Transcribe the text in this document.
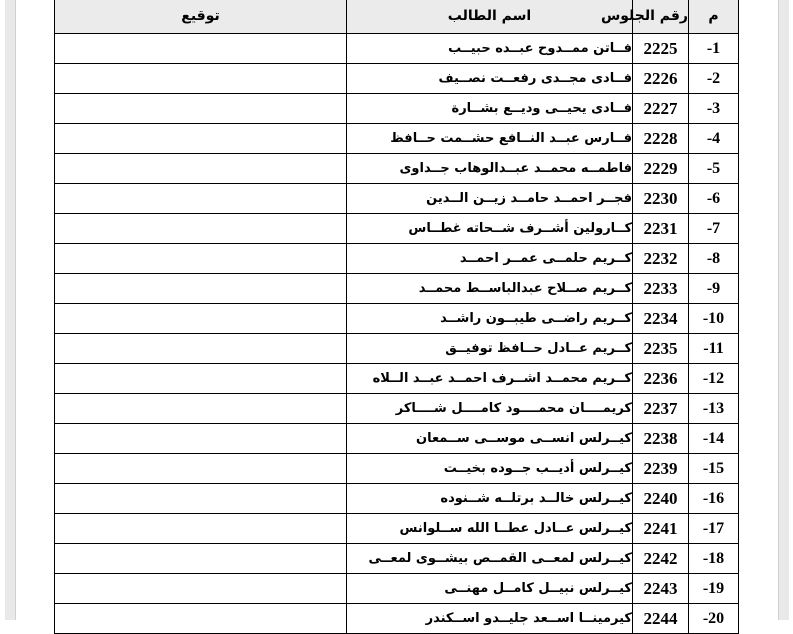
م	رقم الجلوس	اسم الطالب	توقيع
-1	2225	فــاتن ممــدوح عبــده حبيــب	
-2	2226	فــادى مجــدى رفعــت نصــيف	
-3	2227	فــادى يحيــى وديــع بشــارة	
-4	2228	فــارس عبــد النــافع حشــمت حــافظ	
-5	2229	فاطمــه محمــد عبــدالوهاب جــداوى	
-6	2230	فجــر احمــد حامــد زيــن الــدين	
-7	2231	كــارولين أشــرف شــحاته غطــاس	
-8	2232	كــريم حلمــى عمــر احمــد	
-9	2233	كــريم صــلاح عبدالباســط محمــد	
-10	2234	كــريم راضــى طيبــون راشــد	
-11	2235	كــريم عــادل حــافظ توفيــق	
-12	2236	كــريم محمــد اشــرف احمــد عبــد الــلاه	
-13	2237	كريمــــان محمــــود كامــــل شــــاكر	
-14	2238	كيــرلس انســى موســى ســمعان	
-15	2239	كيــرلس أديــب جــوده بخيــت	
-16	2240	كيــرلس خالــد برتلــه شــنوده	
-17	2241	كيــرلس عــادل عطــا الله ســلوانس	
-18	2242	كيــرلس لمعــى القمــص بيشــوى لمعــى	
-19	2243	كيــرلس نبيــل كامــل مهنــى	
-20	2244	كيرمينــا اســعد جليــدو اســكندر	
